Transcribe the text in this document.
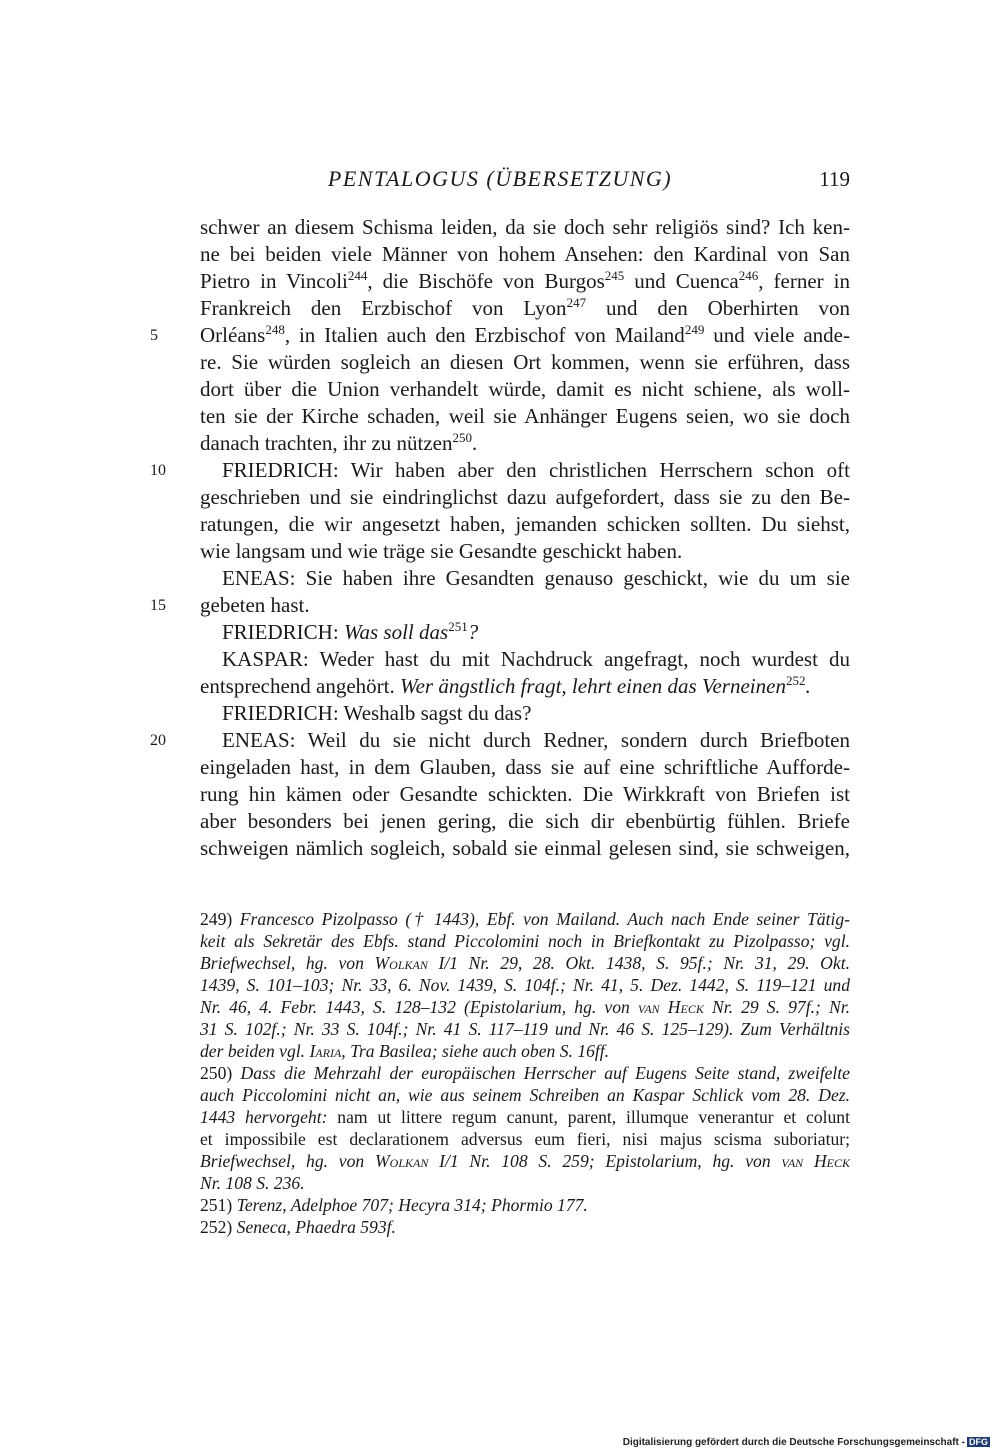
PENTALOGUS (ÜBERSETZUNG)	119
schwer an diesem Schisma leiden, da sie doch sehr religiös sind? Ich ken-
ne bei beiden viele Männer von hohem Ansehen: den Kardinal von San
Pietro in Vincoli$^{244}$, die Bischöfe von Burgos$^{245}$ und Cuenca$^{246}$, ferner in
Frankreich den Erzbischof von Lyon$^{247}$ und den Oberhirten von
5	Orléans$^{248}$, in Italien auch den Erzbischof von Mailand$^{249}$ und viele ande-
re. Sie würden sogleich an diesen Ort kommen, wenn sie erführen, dass
dort über die Union verhandelt würde, damit es nicht schiene, als woll-
ten sie der Kirche schaden, weil sie Anhänger Eugens seien, wo sie doch
danach trachten, ihr zu nützen$^{250}$.
10	FRIEDRICH: Wir haben aber den christlichen Herrschern schon oft
geschrieben und sie eindringlichst dazu aufgefordert, dass sie zu den Be-
ratungen, die wir angesetzt haben, jemanden schicken sollten. Du siehst,
wie langsam und wie träge sie Gesandte geschickt haben.
ENEAS: Sie haben ihre Gesandten genauso geschickt, wie du um sie
15	gebeten hast.
FRIEDRICH: Was soll das$^{251}$?
KASPAR: Weder hast du mit Nachdruck angefragt, noch wurdest du
entsprechend angehört. Wer ängstlich fragt, lehrt einen das Verneinen$^{252}$.
FRIEDRICH: Weshalb sagst du das?
20	ENEAS: Weil du sie nicht durch Redner, sondern durch Briefboten
eingeladen hast, in dem Glauben, dass sie auf eine schriftliche Aufforde-
rung hin kämen oder Gesandte schickten. Die Wirkkraft von Briefen ist
aber besonders bei jenen gering, die sich dir ebenbürtig fühlen. Briefe
schweigen nämlich sogleich, sobald sie einmal gelesen sind, sie schweigen,
249) Francesco Pizolpasso († 1443), Ebf. von Mailand. Auch nach Ende seiner Tätig-
keit als Sekretär des Ebfs. stand Piccolomini noch in Briefkontakt zu Pizolpasso; vgl.
Briefwechsel, hg. von Wolkan I/1 Nr. 29, 28. Okt. 1438, S. 95f.; Nr. 31, 29. Okt.
1439, S. 101–103; Nr. 33, 6. Nov. 1439, S. 104f.; Nr. 41, 5. Dez. 1442, S. 119–121 und
Nr. 46, 4. Febr. 1443, S. 128–132 (Epistolarium, hg. von van Heck Nr. 29 S. 97f.; Nr.
31 S. 102f.; Nr. 33 S. 104f.; Nr. 41 S. 117–119 und Nr. 46 S. 125–129). Zum Verhältnis
der beiden vgl. Iaria, Tra Basilea; siehe auch oben S. 16ff.
250) Dass die Mehrzahl der europäischen Herrscher auf Eugens Seite stand, zweifelte
auch Piccolomini nicht an, wie aus seinem Schreiben an Kaspar Schlick vom 28. Dez.
1443 hervorgeht: nam ut littere regum canunt, parent, illumque venerantur et colunt
et impossibile est declarationem adversus eum fieri, nisi majus scisma suboriatur;
Briefwechsel, hg. von Wolkan I/1 Nr. 108 S. 259; Epistolarium, hg. von van Heck
Nr. 108 S. 236.
251) Terenz, Adelphoe 707; Hecyra 314; Phormio 177.
252) Seneca, Phaedra 593f.
Digitalisierung gefördert durch die Deutsche Forschungsgemeinschaft - DFG
